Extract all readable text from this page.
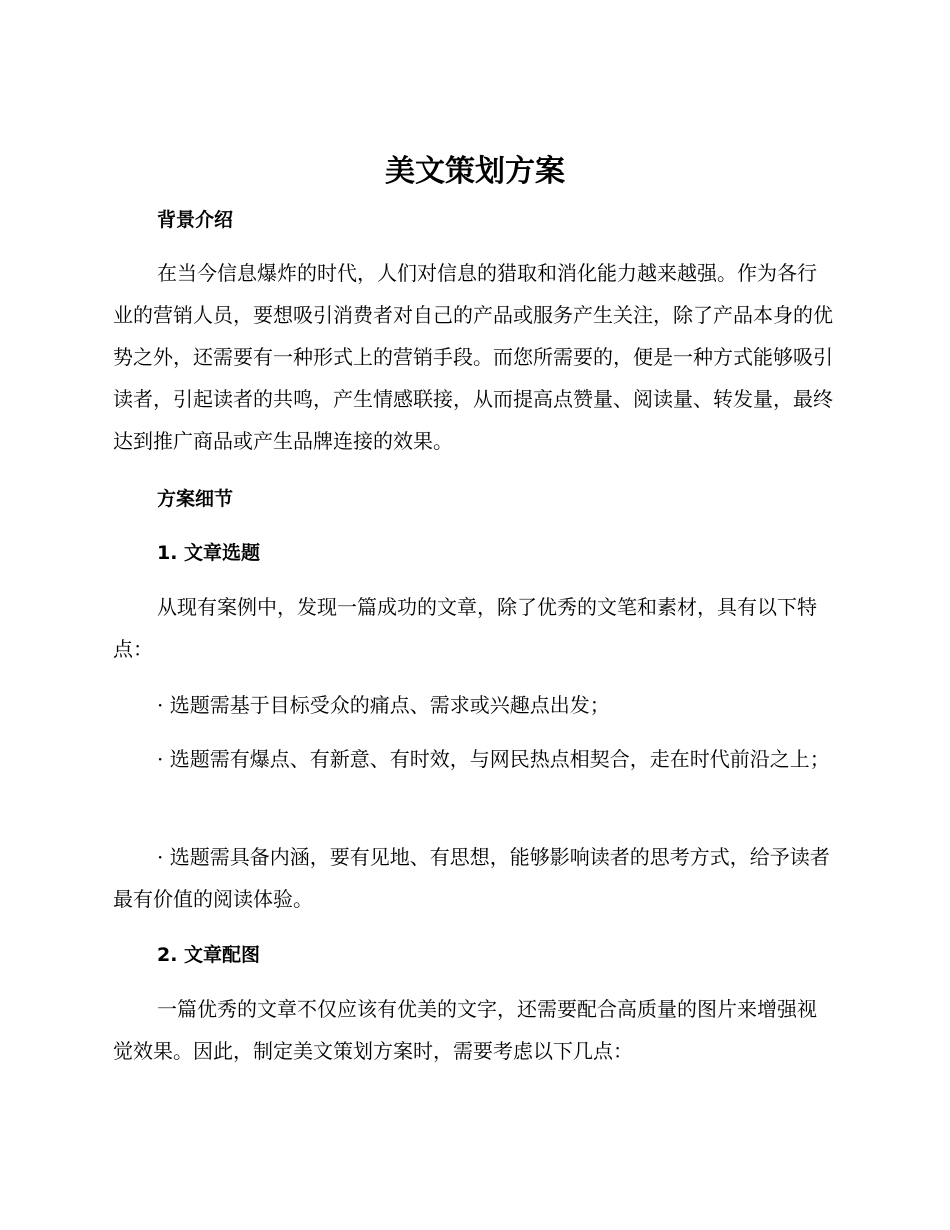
美文策划方案
背景介绍

在当今信息爆炸的时代，人们对信息的猎取和消化能力越来越强。作为各行业的营销人员，要想吸引消费者对自己的产品或服务产生关注，除了产品本身的优势之外，还需要有一种形式上的营销手段。而您所需要的，便是一种方式能够吸引读者，引起读者的共鸣，产生情感联接，从而提高点赞量、阅读量、转发量，最终达到推广商品或产生品牌连接的效果。

方案细节
1. 文章选题

从现有案例中，发现一篇成功的文章，除了优秀的文笔和素材，具有以下特点：

· 选题需基于目标受众的痛点、需求或兴趣点出发；

· 选题需有爆点、有新意、有时效，与网民热点相契合，走在时代前沿之上；

· 选题需具备内涵，要有见地、有思想，能够影响读者的思考方式，给予读者最有价值的阅读体验。

2. 文章配图

一篇优秀的文章不仅应该有优美的文字，还需要配合高质量的图片来增强视觉效果。因此，制定美文策划方案时，需要考虑以下几点：
